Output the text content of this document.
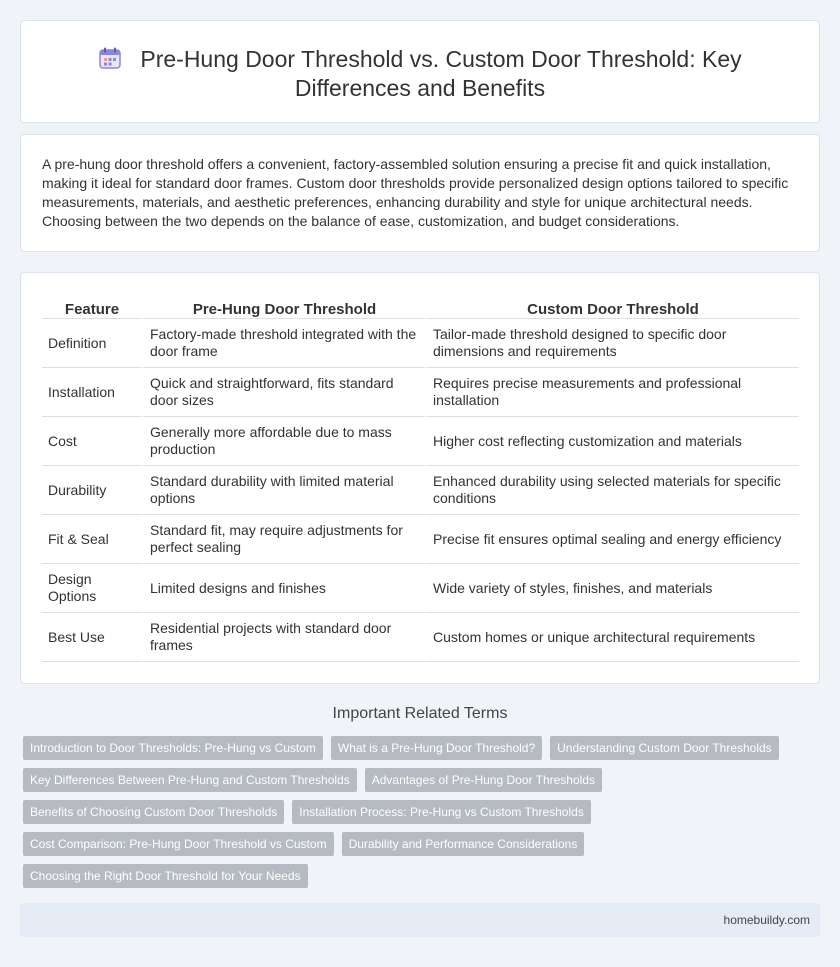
Pre-Hung Door Threshold vs. Custom Door Threshold: Key Differences and Benefits

A pre-hung door threshold offers a convenient, factory-assembled solution ensuring a precise fit and quick installation, making it ideal for standard door frames. Custom door thresholds provide personalized design options tailored to specific measurements, materials, and aesthetic preferences, enhancing durability and style for unique architectural needs. Choosing between the two depends on the balance of ease, customization, and budget considerations.

Feature	Pre-Hung Door Threshold	Custom Door Threshold
Definition	Factory-made threshold integrated with the door frame	Tailor-made threshold designed to specific door dimensions and requirements
Installation	Quick and straightforward, fits standard door sizes	Requires precise measurements and professional installation
Cost	Generally more affordable due to mass production	Higher cost reflecting customization and materials
Durability	Standard durability with limited material options	Enhanced durability using selected materials for specific conditions
Fit & Seal	Standard fit, may require adjustments for perfect sealing	Precise fit ensures optimal sealing and energy efficiency
Design Options	Limited designs and finishes	Wide variety of styles, finishes, and materials
Best Use	Residential projects with standard door frames	Custom homes or unique architectural requirements
Important Related Terms
Introduction to Door Thresholds: Pre-Hung vs Custom	What is a Pre-Hung Door Threshold?	Understanding Custom Door Thresholds
Key Differences Between Pre-Hung and Custom Thresholds	Advantages of Pre-Hung Door Thresholds
Benefits of Choosing Custom Door Thresholds	Installation Process: Pre-Hung vs Custom Thresholds
Cost Comparison: Pre-Hung Door Threshold vs Custom	Durability and Performance Considerations
Choosing the Right Door Threshold for Your Needs
homebuildy.com
